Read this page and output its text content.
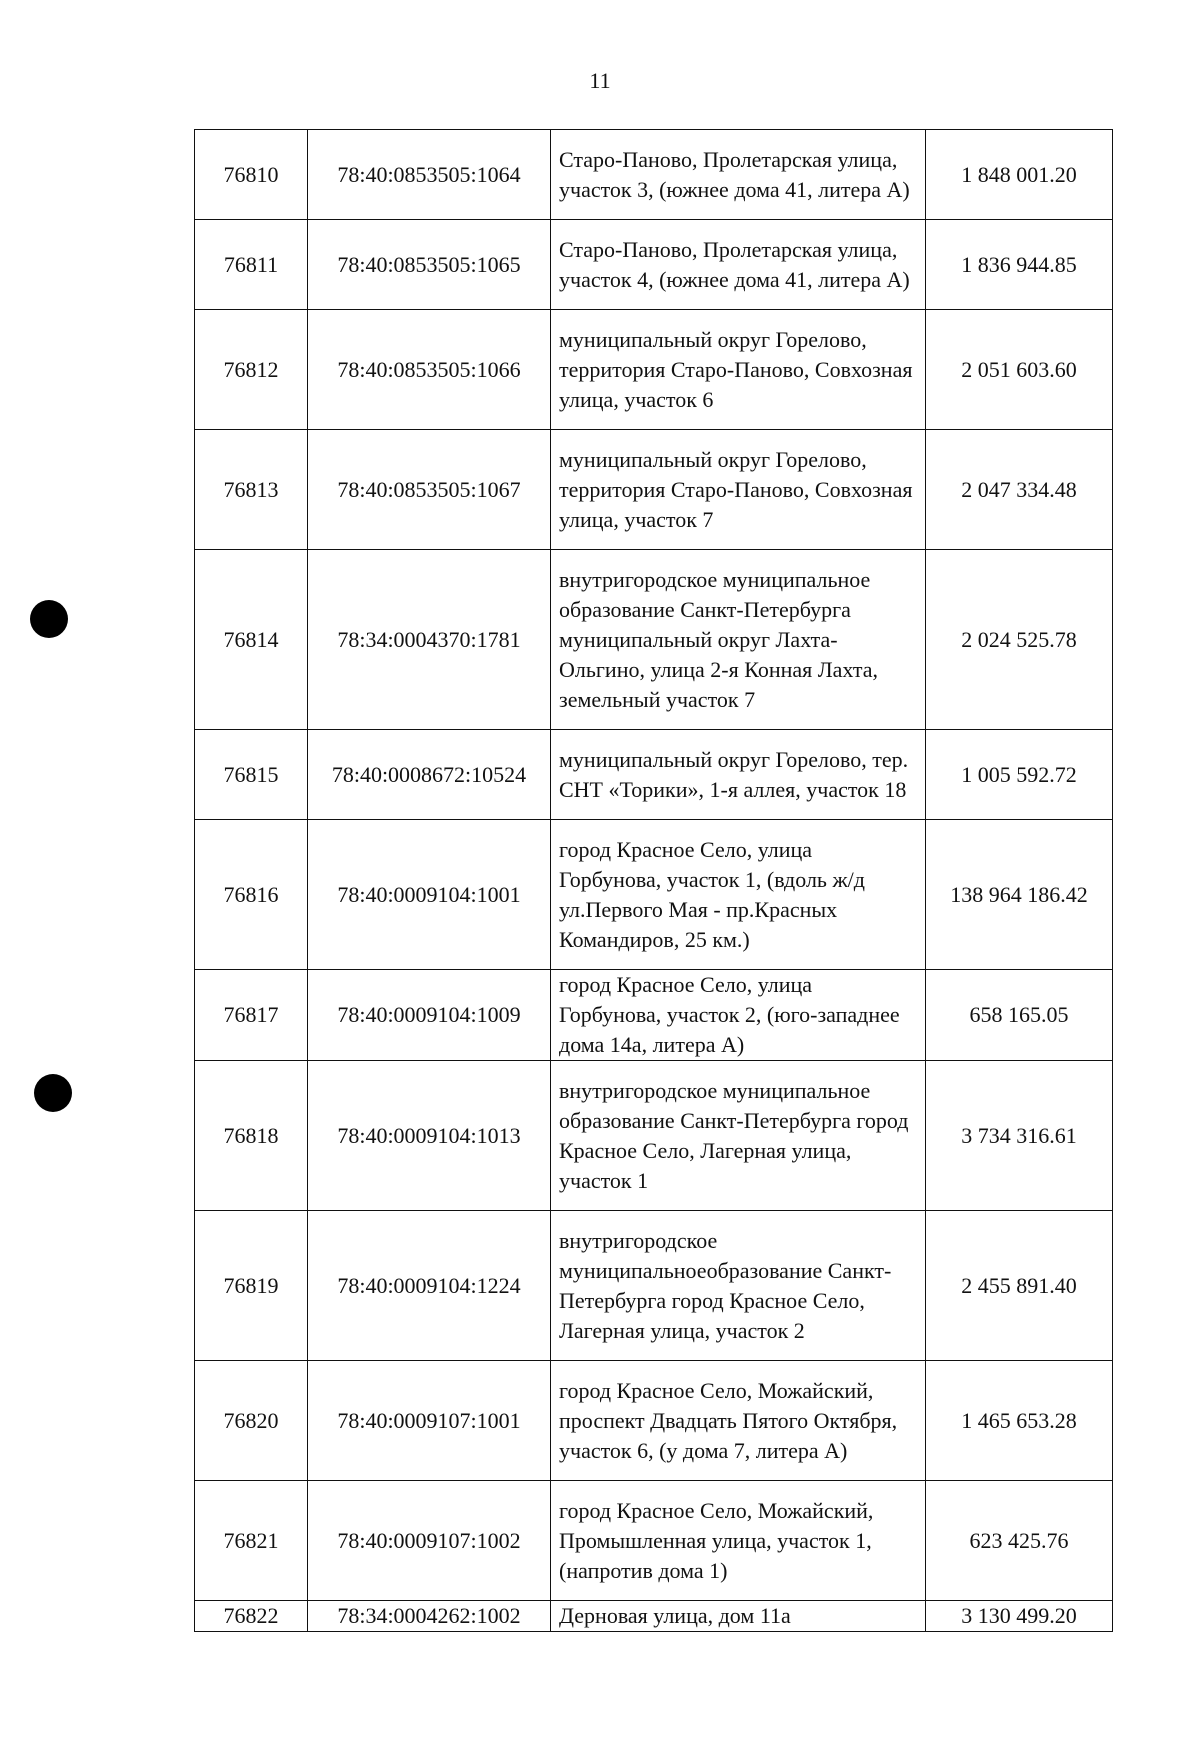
11
76810	78:40:0853505:1064	Старо-Паново, Пролетарская улица, участок 3, (южнее дома 41, литера А)	1 848 001.20
76811	78:40:0853505:1065	Старо-Паново, Пролетарская улица, участок 4, (южнее дома 41, литера А)	1 836 944.85
76812	78:40:0853505:1066	муниципальный округ Горелово, территория Старо-Паново, Совхозная улица, участок 6	2 051 603.60
76813	78:40:0853505:1067	муниципальный округ Горелово, территория Старо-Паново, Совхозная улица, участок 7	2 047 334.48
76814	78:34:0004370:1781	внутригородское муниципальное образование Санкт-Петербурга муниципальный округ Лахта-Ольгино, улица 2-я Конная Лахта, земельный участок 7	2 024 525.78
76815	78:40:0008672:10524	муниципальный округ Горелово, тер. СНТ «Торики», 1-я аллея, участок 18	1 005 592.72
76816	78:40:0009104:1001	город Красное Село, улица Горбунова, участок 1, (вдоль ж/д ул.Первого Мая - пр.Красных Командиров, 25 км.)	138 964 186.42
76817	78:40:0009104:1009	город Красное Село, улица Горбунова, участок 2, (юго-западнее дома 14а, литера А)	658 165.05
76818	78:40:0009104:1013	внутригородское муниципальное образование Санкт-Петербурга город Красное Село, Лагерная улица, участок 1	3 734 316.61
76819	78:40:0009104:1224	внутригородское муниципальноеобразование Санкт-Петербурга город Красное Село, Лагерная улица, участок 2	2 455 891.40
76820	78:40:0009107:1001	город Красное Село, Можайский, проспект Двадцать Пятого Октября, участок 6, (у дома 7, литера А)	1 465 653.28
76821	78:40:0009107:1002	город Красное Село, Можайский, Промышленная улица, участок 1, (напротив дома 1)	623 425.76
76822	78:34:0004262:1002	Дерновая улица, дом 11а	3 130 499.20
